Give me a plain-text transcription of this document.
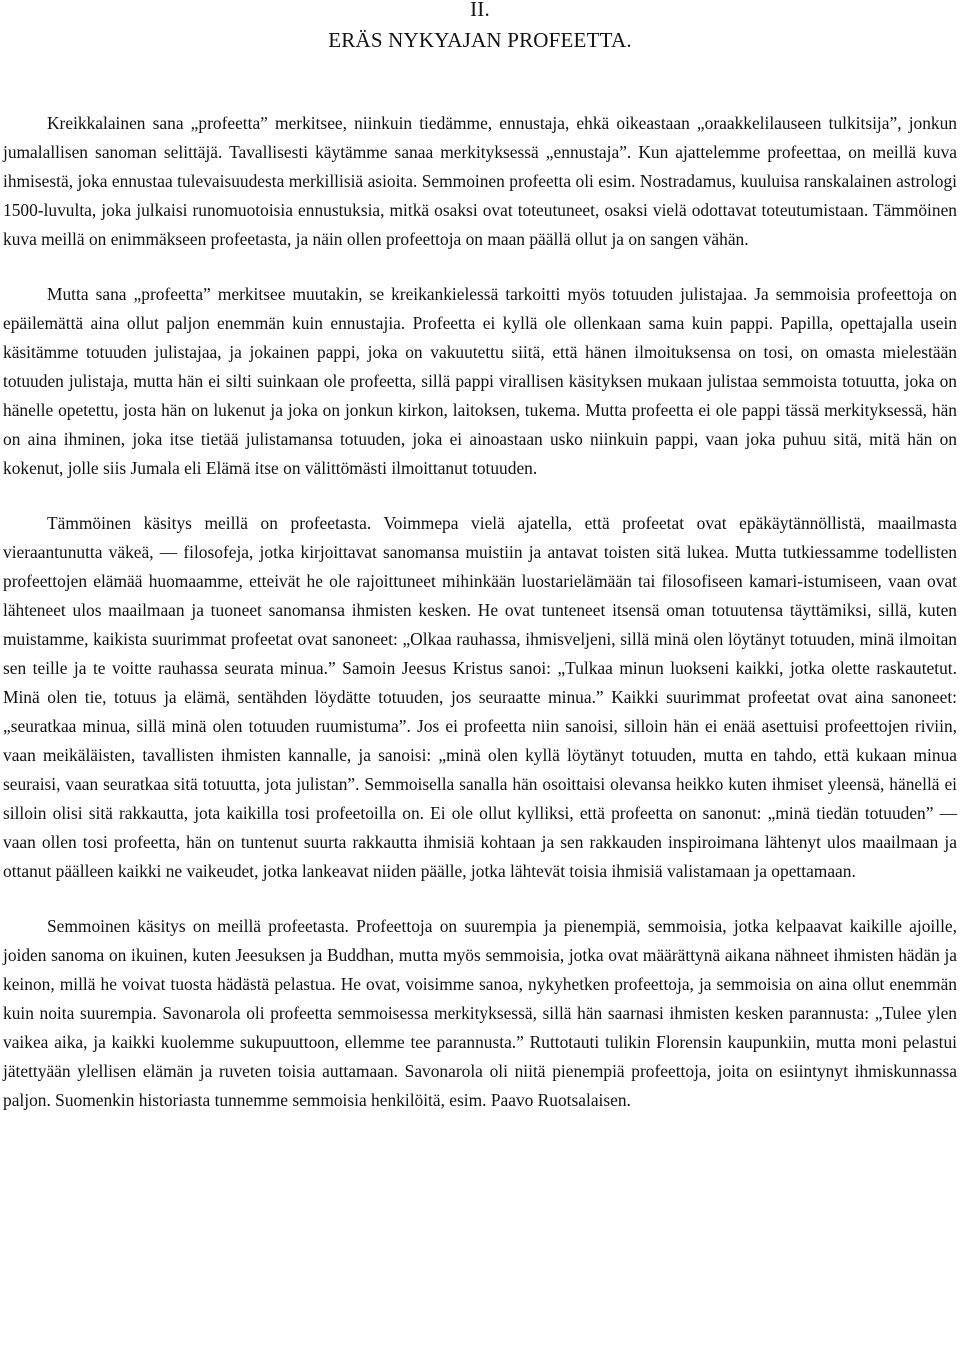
II.
ERÄS NYKYAJAN PROFEETTA.

Kreikkalainen sana „profeetta” merkitsee, niinkuin tiedämme, ennustaja, ehkä oikeastaan „oraakkelilauseen tulkitsija”, jonkun jumalallisen sanoman selittäjä. Tavallisesti käytämme sanaa merkityksessä „ennustaja”. Kun ajattelemme profeettaa, on meillä kuva ihmisestä, joka ennustaa tulevaisuudesta merkillisiä asioita. Semmoinen profeetta oli esim. Nostradamus, kuuluisa ranskalainen astrologi 1500-luvulta, joka julkaisi runomuotoisia ennustuksia, mitkä osaksi ovat toteutuneet, osaksi vielä odottavat toteutumistaan. Tämmöinen kuva meillä on enimmäkseen profeetasta, ja näin ollen profeettoja on maan päällä ollut ja on sangen vähän.

Mutta sana „profeetta” merkitsee muutakin, se kreikankielessä tarkoitti myös totuuden julistajaa. Ja semmoisia profeettoja on epäilemättä aina ollut paljon enemmän kuin ennustajia. Profeetta ei kyllä ole ollenkaan sama kuin pappi. Papilla, opettajalla usein käsitämme totuuden julistajaa, ja jokainen pappi, joka on vakuutettu siitä, että hänen ilmoituksensa on tosi, on omasta mielestään totuuden julistaja, mutta hän ei silti suinkaan ole profeetta, sillä pappi virallisen käsityksen mukaan julistaa semmoista totuutta, joka on hänelle opetettu, josta hän on lukenut ja joka on jonkun kirkon, laitoksen, tukema. Mutta profeetta ei ole pappi tässä merkityksessä, hän on aina ihminen, joka itse tietää julistamansa totuuden, joka ei ainoastaan usko niinkuin pappi, vaan joka puhuu sitä, mitä hän on kokenut, jolle siis Jumala eli Elämä itse on välittömästi ilmoittanut totuuden.

Tämmöinen käsitys meillä on profeetasta. Voimmepa vielä ajatella, että profeetat ovat epäkäytännöllistä, maailmasta vieraantunutta väkeä, — filosofeja, jotka kirjoittavat sanomansa muistiin ja antavat toisten sitä lukea. Mutta tutkiessamme todellisten profeettojen elämää huomaamme, etteivät he ole rajoittuneet mihinkään luostarielämään tai filosofiseen kamari-istumiseen, vaan ovat lähteneet ulos maailmaan ja tuoneet sanomansa ihmisten kesken. He ovat tunteneet itsensä oman totuutensa täyttämiksi, sillä, kuten muistamme, kaikista suurimmat profeetat ovat sanoneet: „Olkaa rauhassa, ihmisveljeni, sillä minä olen löytänyt totuuden, minä ilmoitan sen teille ja te voitte rauhassa seurata minua.” Samoin Jeesus Kristus sanoi: „Tulkaa minun luokseni kaikki, jotka olette raskautetut. Minä olen tie, totuus ja elämä, sentähden löydätte totuuden, jos seuraatte minua.” Kaikki suurimmat profeetat ovat aina sanoneet: „seuratkaa minua, sillä minä olen totuuden ruumistuma”. Jos ei profeetta niin sanoisi, silloin hän ei enää asettuisi profeettojen riviin, vaan meikäläisten, tavallisten ihmisten kannalle, ja sanoisi: „minä olen kyllä löytänyt totuuden, mutta en tahdo, että kukaan minua seuraisi, vaan seuratkaa sitä totuutta, jota julistan”. Semmoisella sanalla hän osoittaisi olevansa heikko kuten ihmiset yleensä, hänellä ei silloin olisi sitä rakkautta, jota kaikilla tosi profeetoilla on. Ei ole ollut kylliksi, että profeetta on sanonut: „minä tiedän totuuden” — vaan ollen tosi profeetta, hän on tuntenut suurta rakkautta ihmisiä kohtaan ja sen rakkauden inspiroimana lähtenyt ulos maailmaan ja ottanut päälleen kaikki ne vaikeudet, jotka lankeavat niiden päälle, jotka lähtevät toisia ihmisiä valistamaan ja opettamaan.

Semmoinen käsitys on meillä profeetasta. Profeettoja on suurempia ja pienempiä, semmoisia, jotka kelpaavat kaikille ajoille, joiden sanoma on ikuinen, kuten Jeesuksen ja Buddhan, mutta myös semmoisia, jotka ovat määrättynä aikana nähneet ihmisten hädän ja keinon, millä he voivat tuosta hädästä pelastua. He ovat, voisimme sanoa, nykyhetken profeettoja, ja semmoisia on aina ollut enemmän kuin noita suurempia. Savonarola oli profeetta semmoisessa merkityksessä, sillä hän saarnasi ihmisten kesken parannusta: „Tulee ylen vaikea aika, ja kaikki kuolemme sukupuuttoon, ellemme tee parannusta.” Ruttotauti tulikin Florensin kaupunkiin, mutta moni pelastui jätettyään ylellisen elämän ja ruveten toisia auttamaan. Savonarola oli niitä pienempiä profeettoja, joita on esiintynyt ihmiskunnassa paljon. Suomenkin historiasta tunnemme semmoisia henkilöitä, esim. Paavo Ruotsalaisen.
